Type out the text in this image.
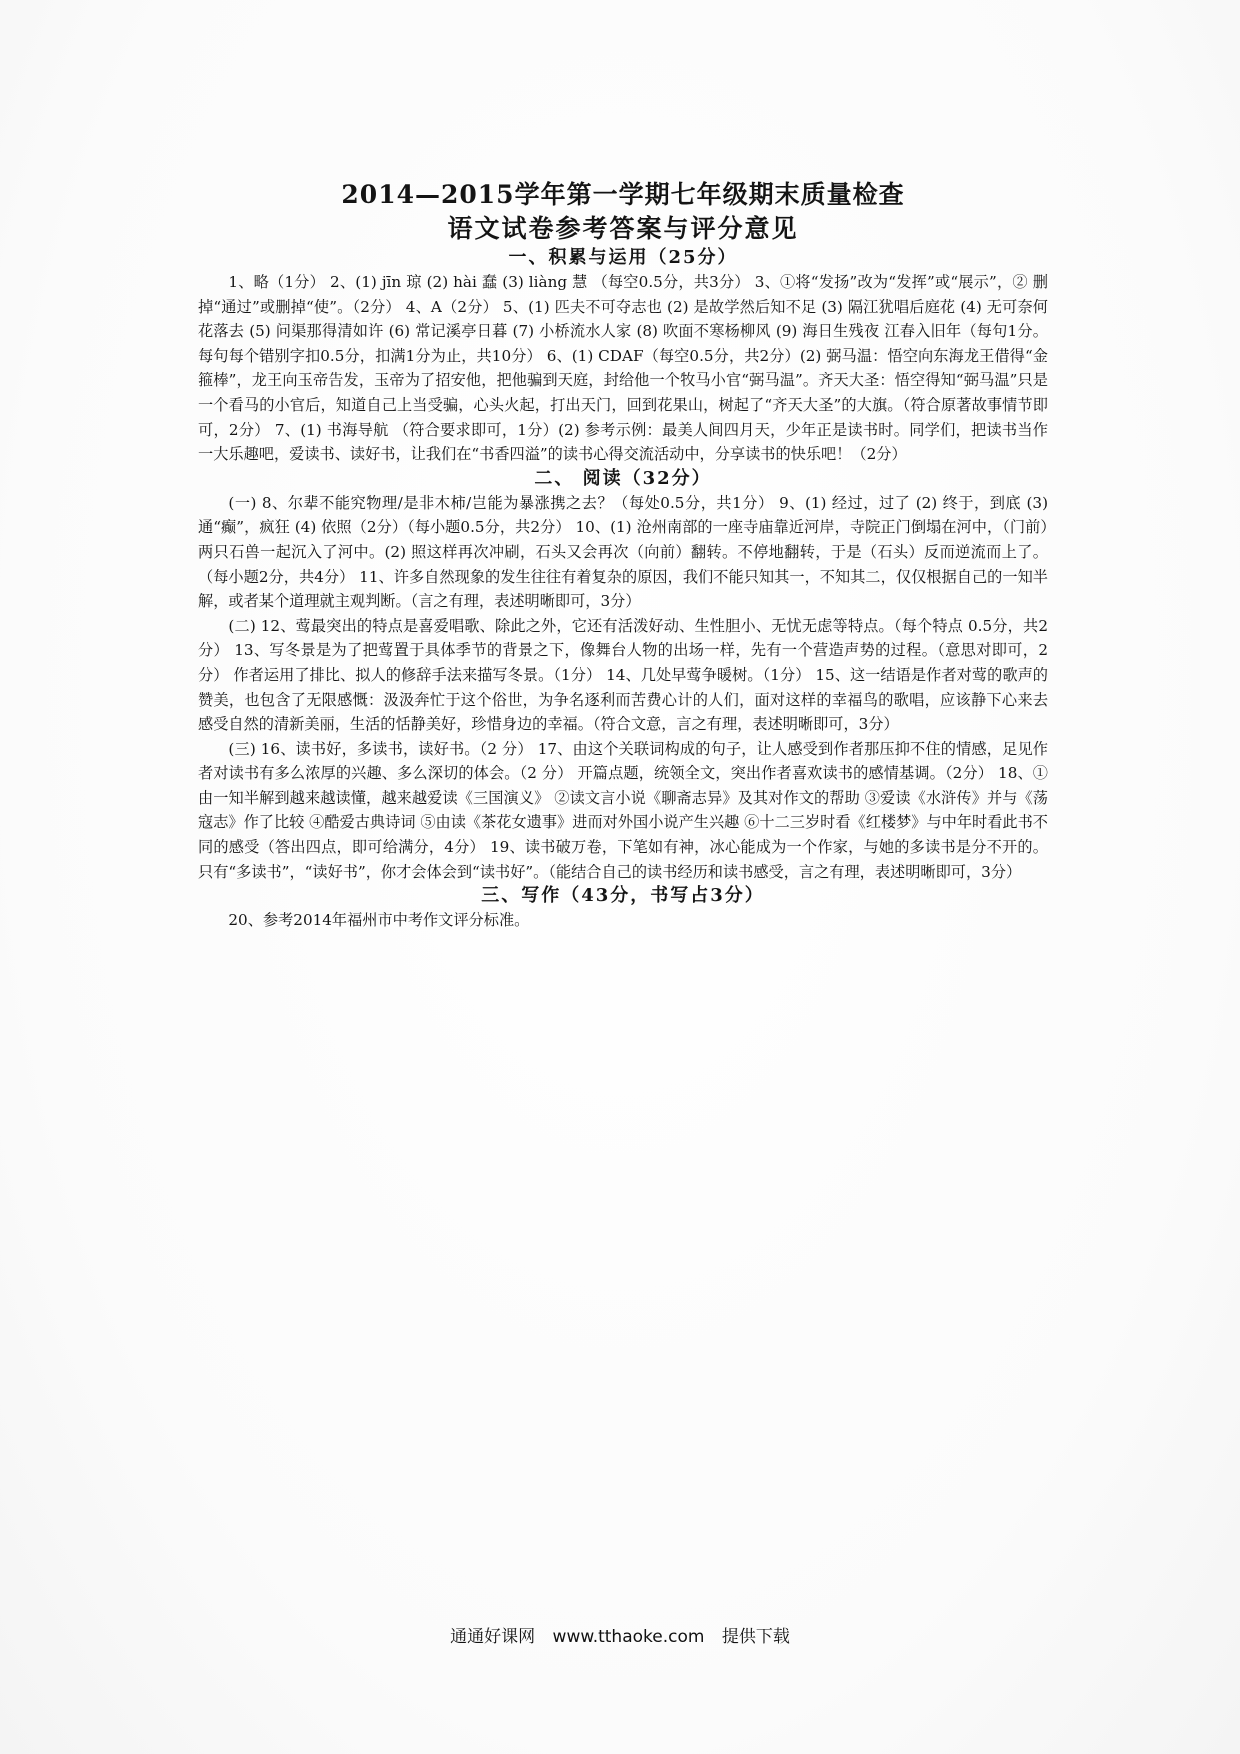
2014—2015学年第一学期七年级期末质量检查
语文试卷参考答案与评分意见
一、积累与运用（25分）

1、略（1分） 2、(1) jīn 琼 (2) hài 蠢 (3) liàng 慧 （每空0.5分，共3分） 3、①将“发扬”改为“发挥”或“展示”，② 删掉“通过”或删掉“使”。（2分） 4、A（2分） 5、(1) 匹夫不可夺志也 (2) 是故学然后知不足 (3) 隔江犹唱后庭花 (4) 无可奈何花落去 (5) 问渠那得清如许 (6) 常记溪亭日暮 (7) 小桥流水人家 (8) 吹面不寒杨柳风 (9) 海日生残夜 江春入旧年（每句1分。每句每个错别字扣0.5分，扣满1分为止，共10分） 6、(1) CDAF（每空0.5分，共2分）(2) 弼马温：悟空向东海龙王借得“金箍棒”，龙王向玉帝告发，玉帝为了招安他，把他骗到天庭，封给他一个牧马小官“弼马温”。齐天大圣：悟空得知“弼马温”只是一个看马的小官后，知道自己上当受骗，心头火起，打出天门，回到花果山，树起了“齐天大圣”的大旗。（符合原著故事情节即可，2分） 7、(1) 书海导航 （符合要求即可，1分）(2) 参考示例：最美人间四月天，少年正是读书时。同学们，把读书当作一大乐趣吧，爱读书、读好书，让我们在“书香四溢”的读书心得交流活动中，分享读书的快乐吧！（2分）

二、 阅读（32分）

(一) 8、尔辈不能究物理/是非木柿/岂能为暴涨携之去？（每处0.5分，共1分） 9、(1) 经过，过了 (2) 终于，到底 (3) 通“癫”，疯狂 (4) 依照（2分）（每小题0.5分，共2分） 10、(1) 沧州南部的一座寺庙靠近河岸，寺院正门倒塌在河中，（门前）两只石兽一起沉入了河中。(2) 照这样再次冲刷，石头又会再次（向前）翻转。不停地翻转，于是（石头）反而逆流而上了。（每小题2分，共4分） 11、许多自然现象的发生往往有着复杂的原因，我们不能只知其一，不知其二，仅仅根据自己的一知半解，或者某个道理就主观判断。（言之有理，表述明晰即可，3分）

(二) 12、莺最突出的特点是喜爱唱歌、除此之外，它还有活泼好动、生性胆小、无忧无虑等特点。（每个特点 0.5分，共2分） 13、写冬景是为了把莺置于具体季节的背景之下，像舞台人物的出场一样，先有一个营造声势的过程。（意思对即可，2 分） 作者运用了排比、拟人的修辞手法来描写冬景。（1分） 14、几处早莺争暖树。（1分） 15、这一结语是作者对莺的歌声的赞美，也包含了无限感慨：汲汲奔忙于这个俗世，为争名逐利而苦费心计的人们，面对这样的幸福鸟的歌唱，应该静下心来去感受自然的清新美丽，生活的恬静美好，珍惜身边的幸福。（符合文意，言之有理，表述明晰即可，3分）

(三) 16、读书好，多读书，读好书。（2 分） 17、由这个关联词构成的句子，让人感受到作者那压抑不住的情感，足见作者对读书有多么浓厚的兴趣、多么深切的体会。（2 分） 开篇点题，统领全文，突出作者喜欢读书的感情基调。（2分） 18、①由一知半解到越来越读懂，越来越爱读《三国演义》 ②读文言小说《聊斋志异》及其对作文的帮助 ③爱读《水浒传》并与《荡寇志》作了比较 ④酷爱古典诗词 ⑤由读《茶花女遗事》进而对外国小说产生兴趣 ⑥十二三岁时看《红楼梦》与中年时看此书不同的感受（答出四点，即可给满分，4分） 19、读书破万卷，下笔如有神，冰心能成为一个作家，与她的多读书是分不开的。只有“多读书”，“读好书”，你才会体会到“读书好”。（能结合自己的读书经历和读书感受，言之有理，表述明晰即可，3分）

三、写作（43分，书写占3分）

20、参考2014年福州市中考作文评分标准。

通通好课网 www.tthaoke.com 提供下载
